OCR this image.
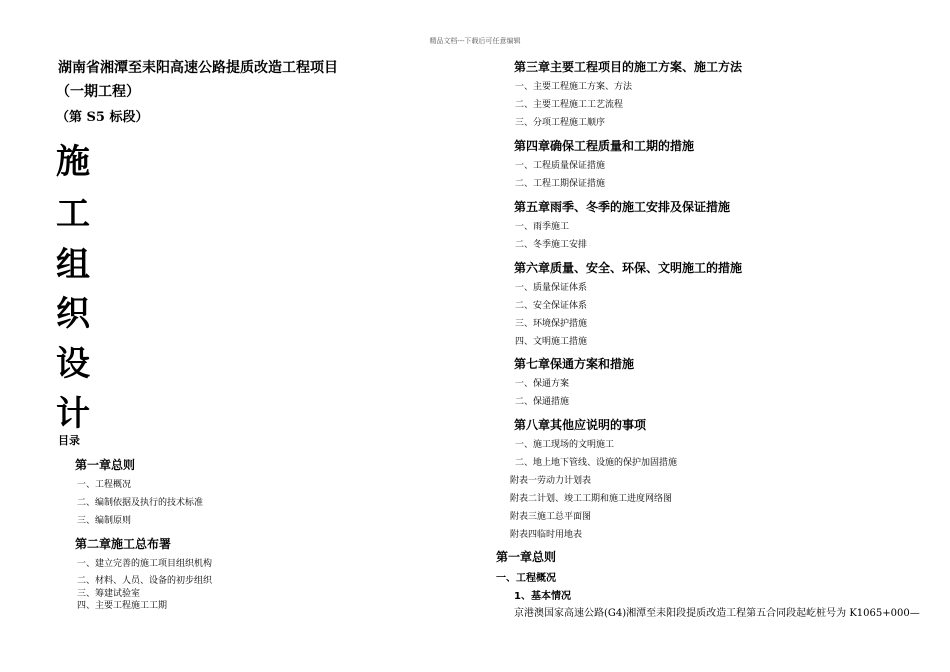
精品文档---下载后可任意编辑
湖南省湘潭至耒阳高速公路提质改造工程项目
（一期工程）
（第 S5 标段）
施
工
组
织
设
计
目录
第一章总则
一、工程概况
二、编制依据及执行的技术标准
三、编制原则
第二章施工总布署
一、建立完善的施工项目组织机构
二、材料、人员、设备的初步组织
三、筹建试验室
四、主要工程施工工期
第三章主要工程项目的施工方案、施工方法
一、主要工程施工方案、方法
二、主要工程施工工艺流程
三、分项工程施工顺序
第四章确保工程质量和工期的措施
一、工程质量保证措施
二、工程工期保证措施
第五章雨季、冬季的施工安排及保证措施
一、雨季施工
二、冬季施工安排
第六章质量、安全、环保、文明施工的措施
一、质量保证体系
二、安全保证体系
三、环境保护措施
四、文明施工措施
第七章保通方案和措施
一、保通方案
二、保通措施
第八章其他应说明的事项
一、施工现场的文明施工
二、地上地下管线、设施的保护加固措施
附表一劳动力计划表
附表二计划、竣工工期和施工进度网络图
附表三施工总平面图
附表四临时用地表
第一章总则
一、工程概况
1、基本情况
京港澳国家高速公路(G4)湘潭至耒阳段提质改造工程第五合同段起屹桩号为 K1065+000—
